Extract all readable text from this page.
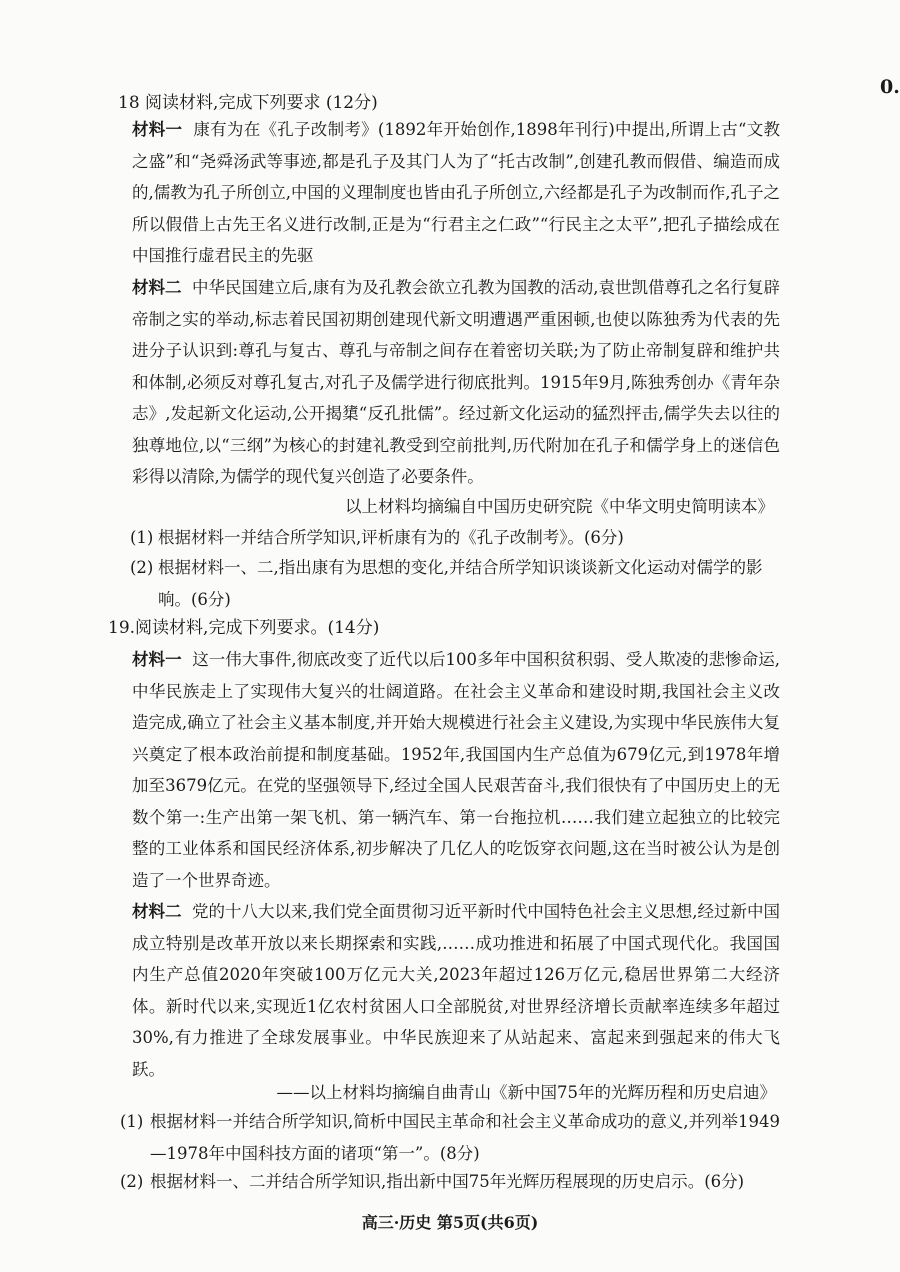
0.
18 阅读材料,完成下列要求 (12分)
材料一 康有为在《孔子改制考》(1892年开始创作,1898年刊行)中提出,所谓上古“文教之盛”和“尧舜汤武等事迹,都是孔子及其门人为了“托古改制”,创建孔教而假借、编造而成的,儒教为孔子所创立,中国的义理制度也皆由孔子所创立,六经都是孔子为改制而作,孔子之所以假借上古先王名义进行改制,正是为“行君主之仁政”“行民主之太平”,把孔子描绘成在中国推行虚君民主的先驱
材料二 中华民国建立后,康有为及孔教会欲立孔教为国教的活动,袁世凯借尊孔之名行复辟帝制之实的举动,标志着民国初期创建现代新文明遭遇严重困顿,也使以陈独秀为代表的先进分子认识到:尊孔与复古、尊孔与帝制之间存在着密切关联;为了防止帝制复辟和维护共和体制,必须反对尊孔复古,对孔子及儒学进行彻底批判。1915年9月,陈独秀创办《青年杂志》,发起新文化运动,公开揭橥“反孔批儒”。经过新文化运动的猛烈抨击,儒学失去以往的独尊地位,以“三纲”为核心的封建礼教受到空前批判,历代附加在孔子和儒学身上的迷信色彩得以清除,为儒学的现代复兴创造了必要条件。
以上材料均摘编自中国历史研究院《中华文明史简明读本》
(1) 根据材料一并结合所学知识,评析康有为的《孔子改制考》。(6分)
(2) 根据材料一、二,指出康有为思想的变化,并结合所学知识谈谈新文化运动对儒学的影响。(6分)
19.阅读材料,完成下列要求。(14分)
材料一 这一伟大事件,彻底改变了近代以后100多年中国积贫积弱、受人欺凌的悲惨命运,中华民族走上了实现伟大复兴的壮阔道路。在社会主义革命和建设时期,我国社会主义改造完成,确立了社会主义基本制度,并开始大规模进行社会主义建设,为实现中华民族伟大复兴奠定了根本政治前提和制度基础。1952年,我国国内生产总值为679亿元,到1978年增加至3679亿元。在党的坚强领导下,经过全国人民艰苦奋斗,我们很快有了中国历史上的无数个第一:生产出第一架飞机、第一辆汽车、第一台拖拉机……我们建立起独立的比较完整的工业体系和国民经济体系,初步解决了几亿人的吃饭穿衣问题,这在当时被公认为是创造了一个世界奇迹。
材料二 党的十八大以来,我们党全面贯彻习近平新时代中国特色社会主义思想,经过新中国成立特别是改革开放以来长期探索和实践,……成功推进和拓展了中国式现代化。我国国内生产总值2020年突破100万亿元大关,2023年超过126万亿元,稳居世界第二大经济体。新时代以来,实现近1亿农村贫困人口全部脱贫,对世界经济增长贡献率连续多年超过30%,有力推进了全球发展事业。中华民族迎来了从站起来、富起来到强起来的伟大飞跃。
——以上材料均摘编自曲青山《新中国75年的光辉历程和历史启迪》
(1) 根据材料一并结合所学知识,简析中国民主革命和社会主义革命成功的意义,并列举1949—1978年中国科技方面的诸项“第一”。(8分)
(2) 根据材料一、二并结合所学知识,指出新中国75年光辉历程展现的历史启示。(6分)
高三·历史 第5页(共6页)
